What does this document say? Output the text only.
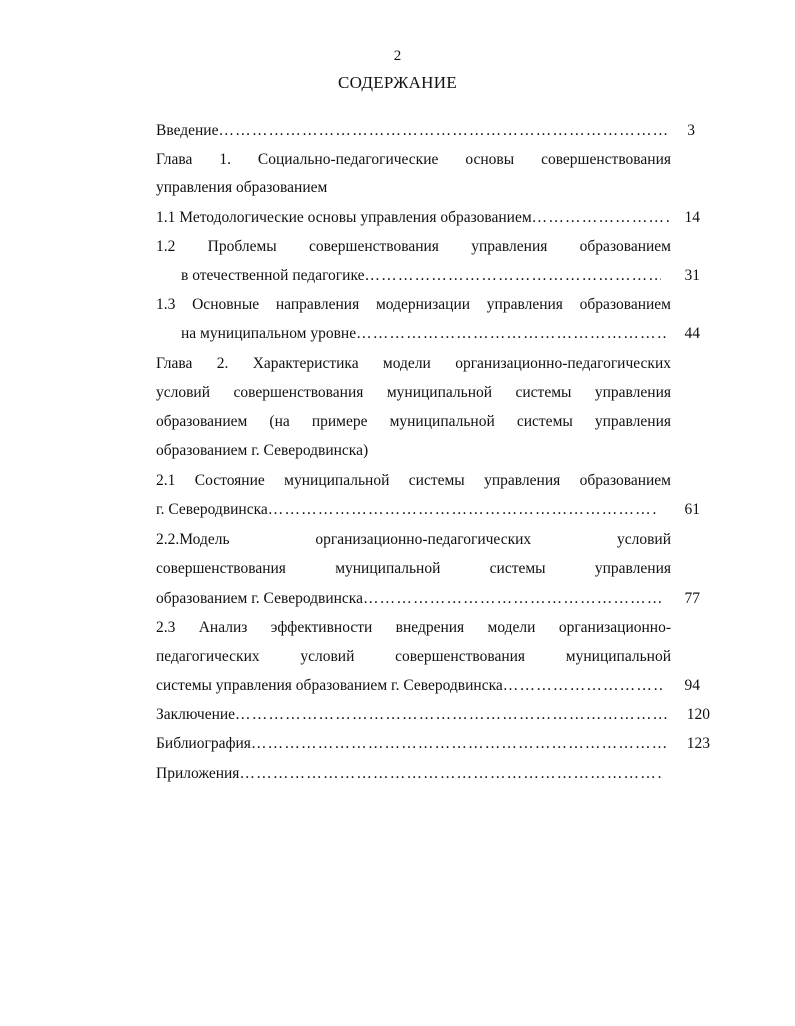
2
СОДЕРЖАНИЕ
Введение ………………………………………………………………………………………………………………………………	3
Глава 1. Социально-педагогические основы совершенствования
управления образованием
1.1 Методологические основы управления образованием ………………………………………………………………………………………………………………………………	14
1.2 Проблемы совершенствования управления образованием
в отечественной педагогике ………………………………………………………………………………………………………………………………	31
1.3 Основные направления модернизации управления образованием
на муниципальном уровне ………………………………………………………………………………………………………………………………	44
Глава 2. Характеристика модели организационно-педагогических
условий совершенствования муниципальной системы управления
образованием (на примере муниципальной системы управления
образованием г. Северодвинска)
2.1 Состояние муниципальной системы управления образованием
г. Северодвинска ………………………………………………………………………………………………………………………………	61
2.2.Модель организационно-педагогических условий
совершенствования муниципальной системы управления
образованием г. Северодвинска ………………………………………………………………………………………………………………………………	77
2.3 Анализ эффективности внедрения модели организационно-
педагогических условий совершенствования муниципальной
системы управления образованием г. Северодвинска ………………………………………………………………………………………………………………………………	94
Заключение ………………………………………………………………………………………………………………………………	120
Библиография ………………………………………………………………………………………………………………………………	123
Приложения
………………………………………………………………………………………………………………………………
